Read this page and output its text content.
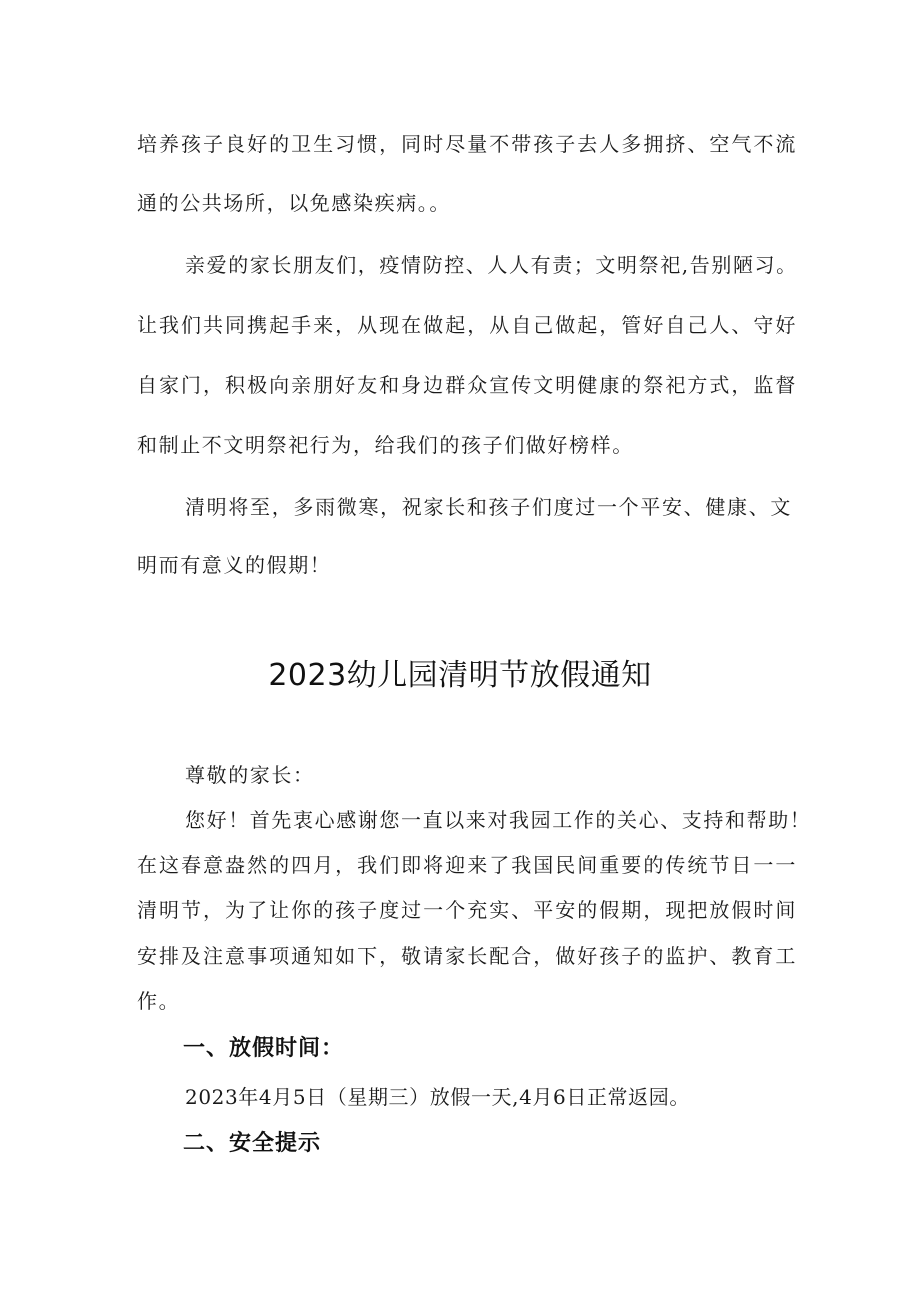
培养孩子良好的卫生习惯，同时尽量不带孩子去人多拥挤、空气不流
通的公共场所，以免感染疾病。。
亲爱的家长朋友们，疫情防控、人人有责；文明祭祀,告别陋习。
让我们共同携起手来，从现在做起，从自己做起，管好自己人、守好
自家门，积极向亲朋好友和身边群众宣传文明健康的祭祀方式，监督
和制止不文明祭祀行为，给我们的孩子们做好榜样。
清明将至，多雨微寒，祝家长和孩子们度过一个平安、健康、文
明而有意义的假期！
2023幼儿园清明节放假通知
尊敬的家长：
您好！首先衷心感谢您一直以来对我园工作的关心、支持和帮助！
在这春意盎然的四月，我们即将迎来了我国民间重要的传统节日一一
清明节，为了让你的孩子度过一个充实、平安的假期，现把放假时间
安排及注意事项通知如下，敬请家长配合，做好孩子的监护、教育工
作。
一、放假时间：
2023年4月5日（星期三）放假一天,4月6日正常返园。
二、安全提示
